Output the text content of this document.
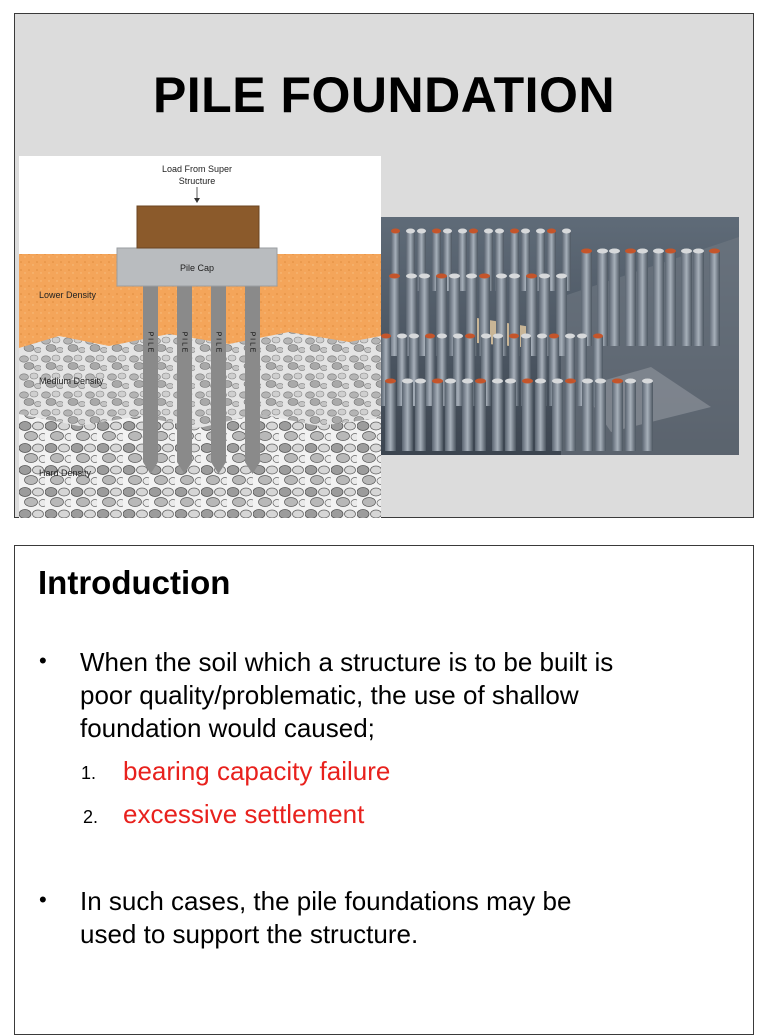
PILE FOUNDATION
P I L E	P I L E	P I L E	P I L E
Pile Cap
Load From Super
Structure
Lower Density
Medium Density
Hard Density
Introduction
• When the soil which a structure is to be built is
poor quality/problematic, the use of shallow
foundation would caused;
1. bearing capacity failure
2. excessive settlement
• In such cases, the pile foundations may be
used to support the structure.
